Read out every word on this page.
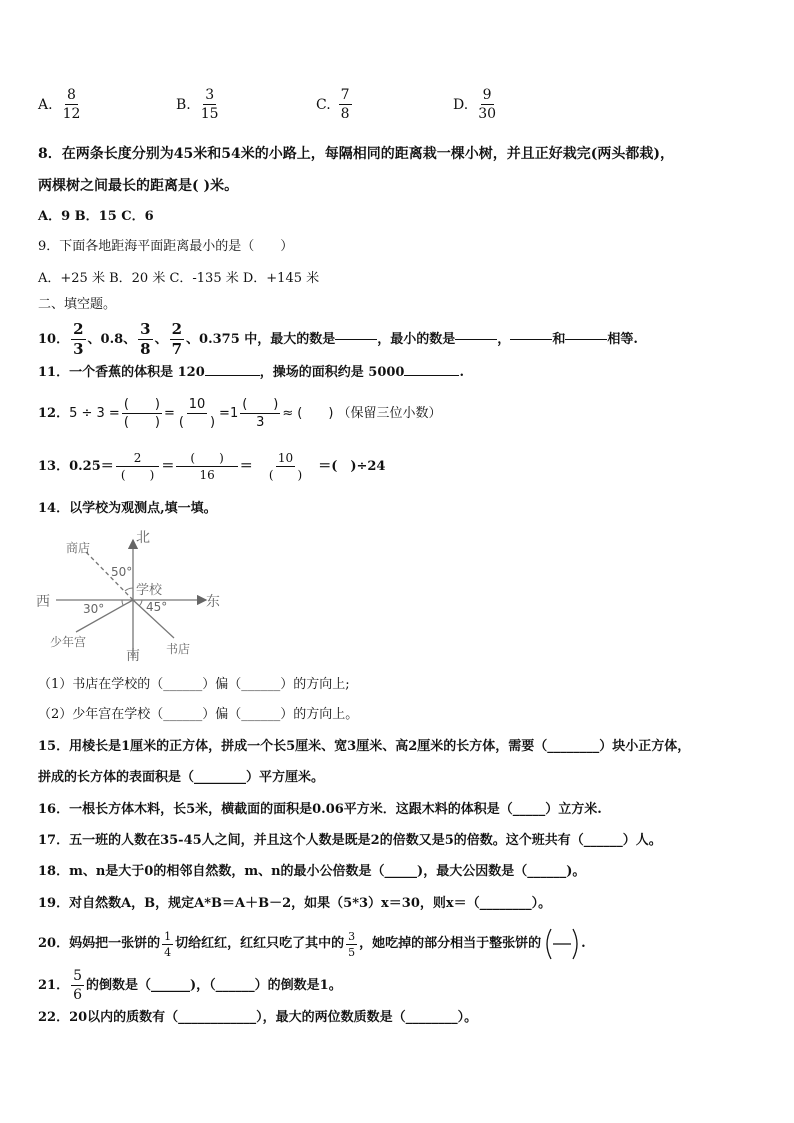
A. $\frac{8}{12}$	B. $\frac{3}{15}$	C. $\frac{7}{8}$	D. $\frac{9}{30}$
8．在两条长度分别为45米和54米的小路上，每隔相同的距离栽一棵小树，并且正好栽完(两头都栽)，
两棵树之间最长的距离是( )米。
A．9 B．15 C．6
9．下面各地距海平面距离最小的是（　　）
A．+25 米 B．20 米 C．-135 米 D．+145 米
二、填空题。
10． $\frac{2}{3}$ 、0.8、 $\frac{3}{8}$ 、 $\frac{2}{7}$ 、0.375 中，最大的数是	，最小的数是	，	和	相等.
11．一个香蕉的体积是 120	，操场的面积约是 5000	.
12． $5 \div 3 = \frac{( )}{( )} = \frac{10}{( )} = 1 \frac{( )}{3}$ ≈ (　　) （保留三位小数）
13．$0.25= \frac{2}{( )} = \frac{( )}{16} = \frac{10}{( )}$ ＝(　)÷24
14．以学校为观测点,填一填。
北
南
东
西
学校
商店
书店
少年宫
50°
30°	45°
（1）书店在学校的（______）偏（______）的方向上;
（2）少年宫在学校（______）偏（______）的方向上。
15．用棱长是1厘米的正方体，拼成一个长5厘米、宽3厘米、高2厘米的长方体，需要（________）块小正方体，
拼成的长方体的表面积是（________）平方厘米。
16．一根长方体木料，长5米，横截面的面积是0.06平方米．这跟木料的体积是（_____）立方米.
17．五一班的人数在35-45人之间，并且这个人数是既是2的倍数又是5的倍数。这个班共有（______）人。
18．m、n是大于0的相邻自然数，m、n的最小公倍数是（_____)，最大公因数是（______)。
19．对自然数A，B，规定A*B＝A＋B－2，如果（5*3）x＝30，则x＝（________）。
20．妈妈把一张饼的 $\frac{1}{4}$ 切给红红，红红只吃了其中的 $\frac{3}{5}$ ，她吃掉的部分相当于整张饼的	.
21． $\frac{5}{6}$ 的倒数是（______)，（______）的倒数是1。
22．20以内的质数有（____________），最大的两位数质数是（________）。
